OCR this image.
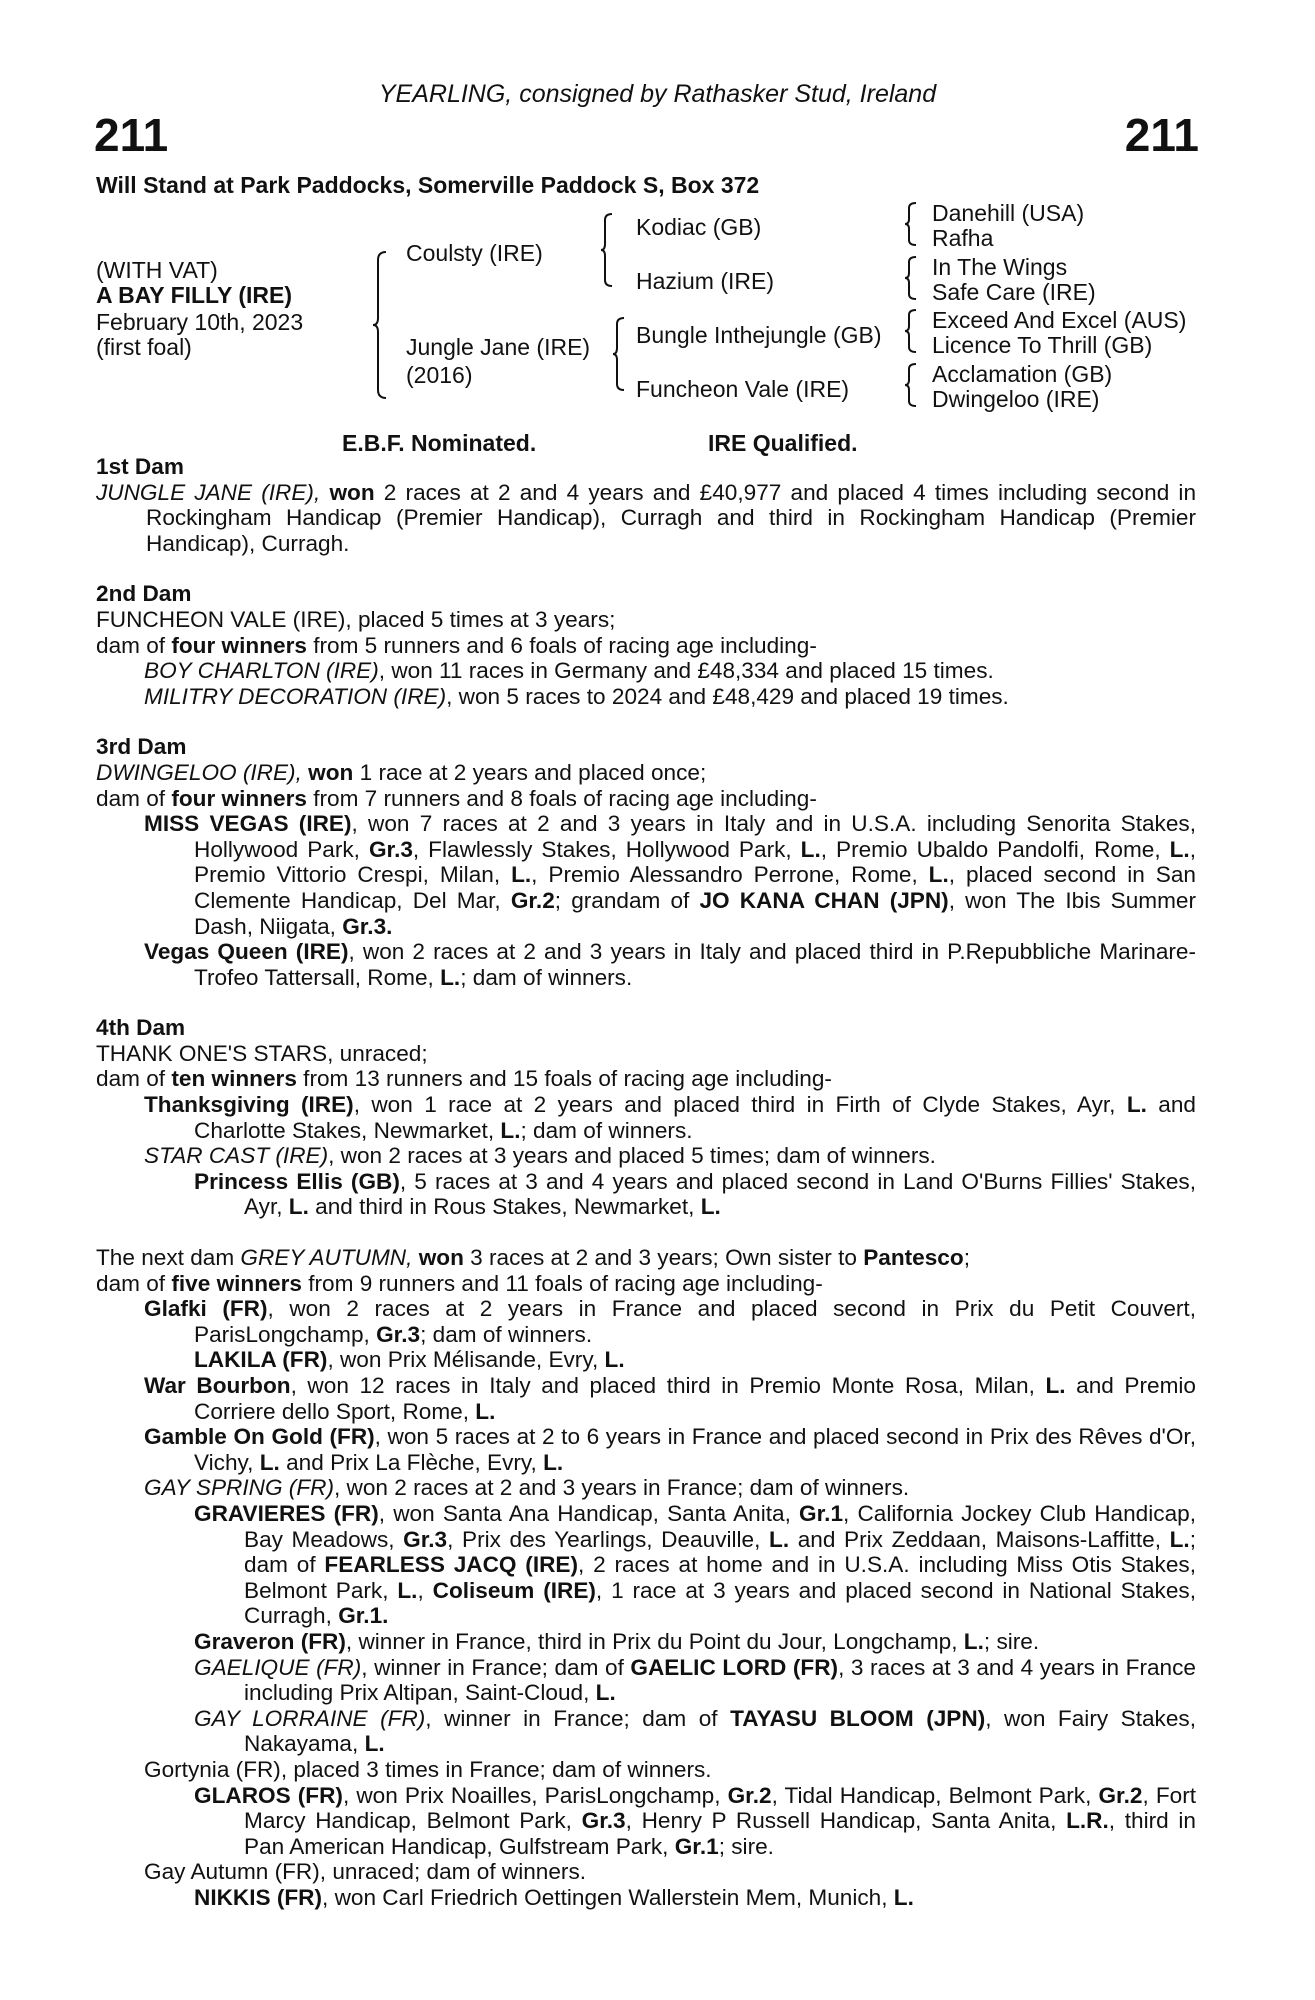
YEARLING, consigned by Rathasker Stud, Ireland
211	211
Will Stand at Park Paddocks, Somerville Paddock S, Box 372
(WITH VAT)
A BAY FILLY (IRE)
February 10th, 2023
(first foal)
Coulsty (IRE)
Jungle Jane (IRE)
(2016)
Kodiac (GB)
Hazium (IRE)
Bungle Inthejungle (GB)
Funcheon Vale (IRE)
Danehill (USA)
Rafha
In The Wings
Safe Care (IRE)
Exceed And Excel (AUS)
Licence To Thrill (GB)
Acclamation (GB)
Dwingeloo (IRE)
E.B.F. Nominated.	IRE Qualified.

1st Dam

JUNGLE JANE (IRE), won 2 races at 2 and 4 years and £40,977 and placed 4 times including second in Rockingham Handicap (Premier Handicap), Curragh and third in Rockingham Handicap (Premier Handicap), Curragh.

2nd Dam

FUNCHEON VALE (IRE), placed 5 times at 3 years;

dam of four winners from 5 runners and 6 foals of racing age including-

BOY CHARLTON (IRE), won 11 races in Germany and £48,334 and placed 15 times.

MILITRY DECORATION (IRE), won 5 races to 2024 and £48,429 and placed 19 times.

3rd Dam

DWINGELOO (IRE), won 1 race at 2 years and placed once;

dam of four winners from 7 runners and 8 foals of racing age including-

MISS VEGAS (IRE), won 7 races at 2 and 3 years in Italy and in U.S.A. including Senorita Stakes, Hollywood Park, Gr.3, Flawlessly Stakes, Hollywood Park, L., Premio Ubaldo Pandolfi, Rome, L., Premio Vittorio Crespi, Milan, L., Premio Alessandro Perrone, Rome, L., placed second in San Clemente Handicap, Del Mar, Gr.2; grandam of JO KANA CHAN (JPN), won The Ibis Summer Dash, Niigata, Gr.3.

Vegas Queen (IRE), won 2 races at 2 and 3 years in Italy and placed third in P.Repubbliche Marinare-Trofeo Tattersall, Rome, L.; dam of winners.

4th Dam

THANK ONE'S STARS, unraced;

dam of ten winners from 13 runners and 15 foals of racing age including-

Thanksgiving (IRE), won 1 race at 2 years and placed third in Firth of Clyde Stakes, Ayr, L. and Charlotte Stakes, Newmarket, L.; dam of winners.

STAR CAST (IRE), won 2 races at 3 years and placed 5 times; dam of winners.

Princess Ellis (GB), 5 races at 3 and 4 years and placed second in Land O'Burns Fillies' Stakes, Ayr, L. and third in Rous Stakes, Newmarket, L.

The next dam GREY AUTUMN, won 3 races at 2 and 3 years; Own sister to Pantesco;

dam of five winners from 9 runners and 11 foals of racing age including-

Glafki (FR), won 2 races at 2 years in France and placed second in Prix du Petit Couvert, ParisLongchamp, Gr.3; dam of winners.

LAKILA (FR), won Prix Mélisande, Evry, L.

War Bourbon, won 12 races in Italy and placed third in Premio Monte Rosa, Milan, L. and Premio Corriere dello Sport, Rome, L.

Gamble On Gold (FR), won 5 races at 2 to 6 years in France and placed second in Prix des Rêves d'Or, Vichy, L. and Prix La Flèche, Evry, L.

GAY SPRING (FR), won 2 races at 2 and 3 years in France; dam of winners.

GRAVIERES (FR), won Santa Ana Handicap, Santa Anita, Gr.1, California Jockey Club Handicap, Bay Meadows, Gr.3, Prix des Yearlings, Deauville, L. and Prix Zeddaan, Maisons-Laffitte, L.; dam of FEARLESS JACQ (IRE), 2 races at home and in U.S.A. including Miss Otis Stakes, Belmont Park, L., Coliseum (IRE), 1 race at 3 years and placed second in National Stakes, Curragh, Gr.1.

Graveron (FR), winner in France, third in Prix du Point du Jour, Longchamp, L.; sire.

GAELIQUE (FR), winner in France; dam of GAELIC LORD (FR), 3 races at 3 and 4 years in France including Prix Altipan, Saint-Cloud, L.

GAY LORRAINE (FR), winner in France; dam of TAYASU BLOOM (JPN), won Fairy Stakes, Nakayama, L.

Gortynia (FR), placed 3 times in France; dam of winners.

GLAROS (FR), won Prix Noailles, ParisLongchamp, Gr.2, Tidal Handicap, Belmont Park, Gr.2, Fort Marcy Handicap, Belmont Park, Gr.3, Henry P Russell Handicap, Santa Anita, L.R., third in Pan American Handicap, Gulfstream Park, Gr.1; sire.

Gay Autumn (FR), unraced; dam of winners.

NIKKIS (FR), won Carl Friedrich Oettingen Wallerstein Mem, Munich, L.
